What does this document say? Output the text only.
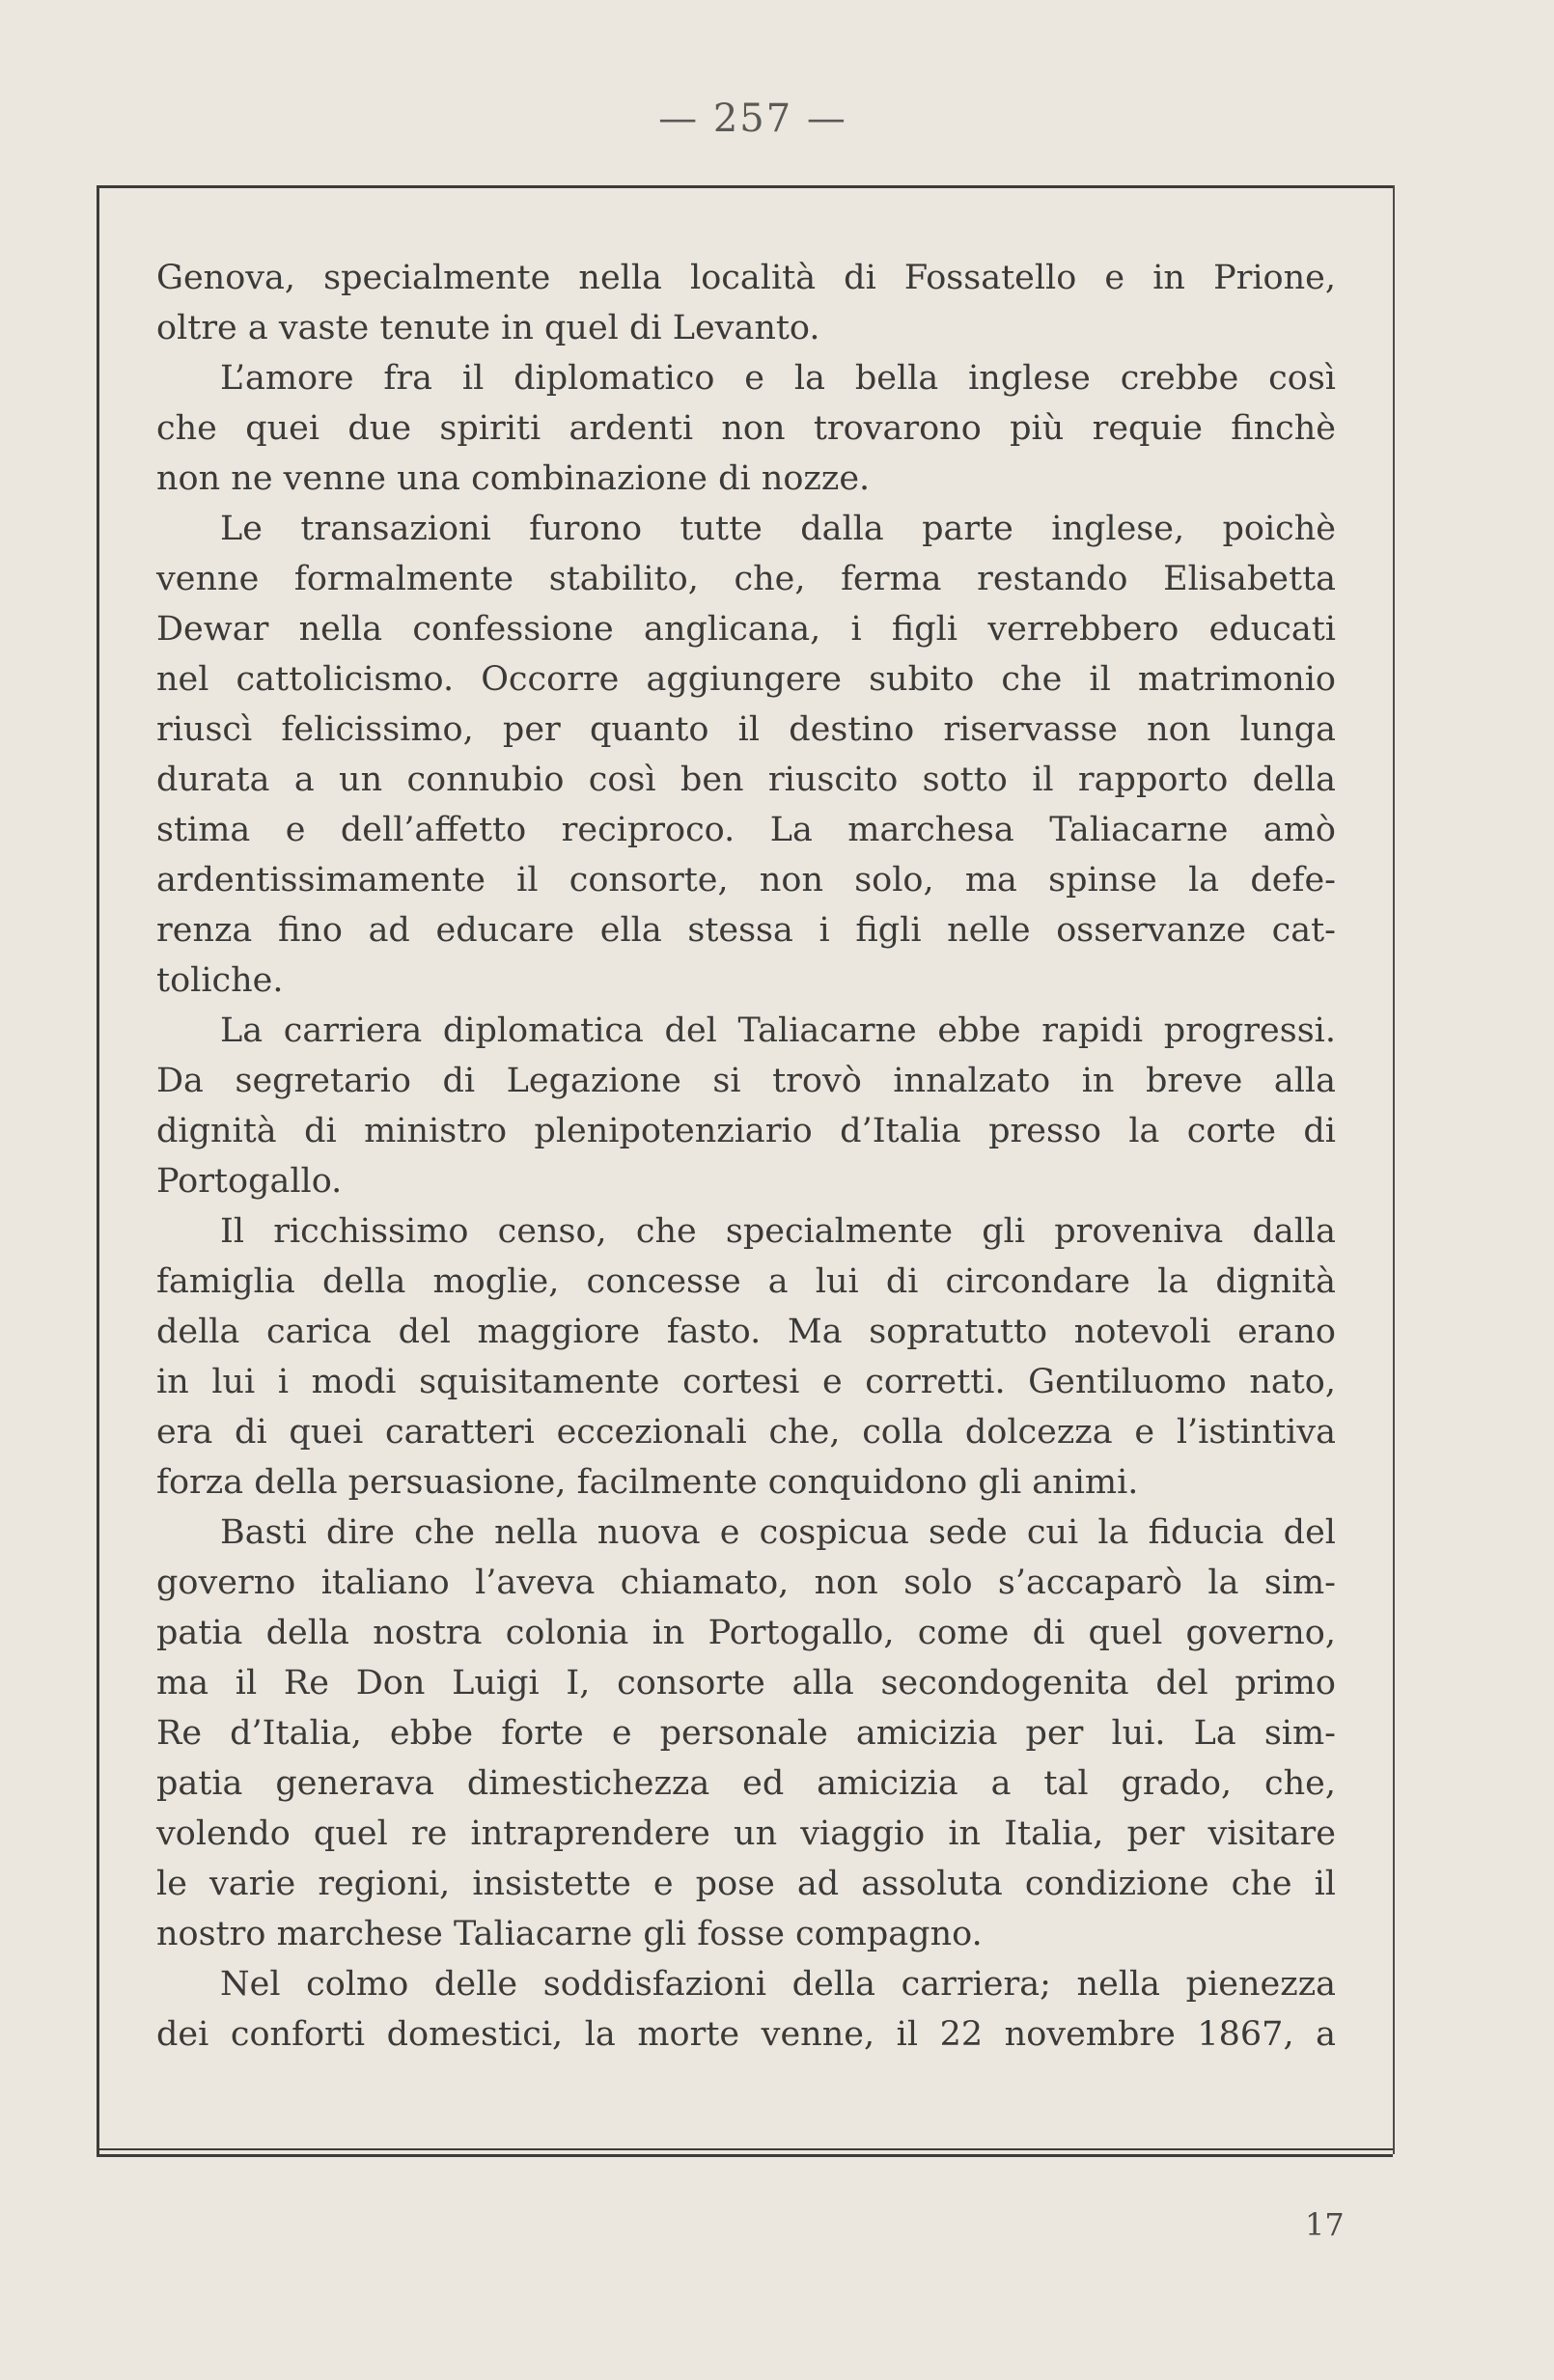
— 257 —
Genova, specialmente nella località di Fossatello e in Prione,
oltre a vaste tenute in quel di Levanto.
L’amore fra il diplomatico e la bella inglese crebbe così
che quei due spiriti ardenti non trovarono più requie finchè
non ne venne una combinazione di nozze.
Le transazioni furono tutte dalla parte inglese, poichè
venne formalmente stabilito, che, ferma restando Elisabetta
Dewar nella confessione anglicana, i figli verrebbero educati
nel cattolicismo. Occorre aggiungere subito che il matrimonio
riuscì felicissimo, per quanto il destino riservasse non lunga
durata a un connubio così ben riuscito sotto il rapporto della
stima e dell’affetto reciproco. La marchesa Taliacarne amò
ardentissimamente il consorte, non solo, ma spinse la defe-
renza fino ad educare ella stessa i figli nelle osservanze cat-
toliche.
La carriera diplomatica del Taliacarne ebbe rapidi progressi.
Da segretario di Legazione si trovò innalzato in breve alla
dignità di ministro plenipotenziario d’Italia presso la corte di
Portogallo.
Il ricchissimo censo, che specialmente gli proveniva dalla
famiglia della moglie, concesse a lui di circondare la dignità
della carica del maggiore fasto. Ma sopratutto notevoli erano
in lui i modi squisitamente cortesi e corretti. Gentiluomo nato,
era di quei caratteri eccezionali che, colla dolcezza e l’istintiva
forza della persuasione, facilmente conquidono gli animi.
Basti dire che nella nuova e cospicua sede cui la fiducia del
governo italiano l’aveva chiamato, non solo s’accaparò la sim-
patia della nostra colonia in Portogallo, come di quel governo,
ma il Re Don Luigi I, consorte alla secondogenita del primo
Re d’Italia, ebbe forte e personale amicizia per lui. La sim-
patia generava dimestichezza ed amicizia a tal grado, che,
volendo quel re intraprendere un viaggio in Italia, per visitare
le varie regioni, insistette e pose ad assoluta condizione che il
nostro marchese Taliacarne gli fosse compagno.
Nel colmo delle soddisfazioni della carriera; nella pienezza
dei conforti domestici, la morte venne, il 22 novembre 1867, a
17
